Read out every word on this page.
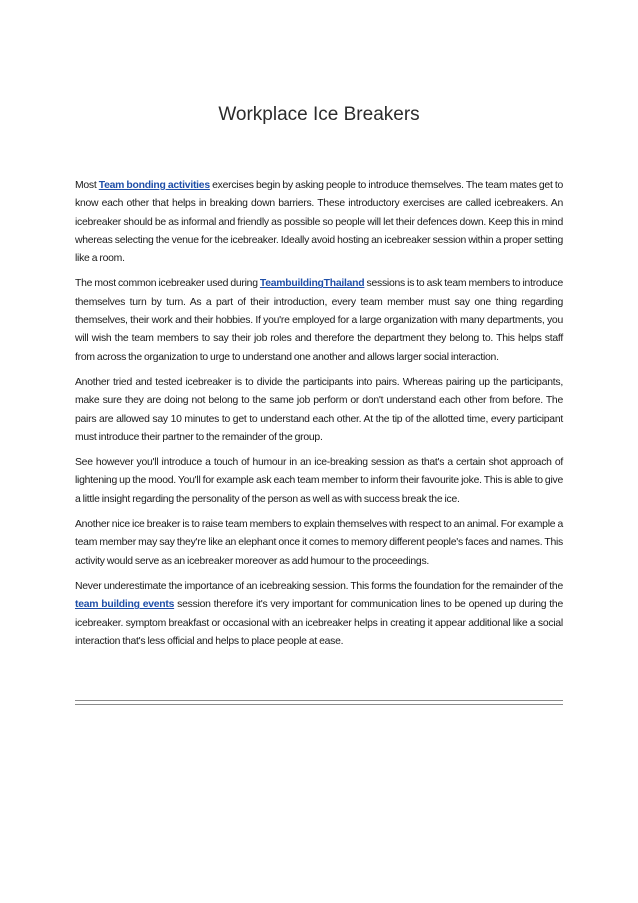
Workplace Ice Breakers

Most Team bonding activities exercises begin by asking people to introduce themselves. The team mates get to know each other that helps in breaking down barriers. These introductory exercises are called icebreakers. An icebreaker should be as informal and friendly as possible so people will let their defences down. Keep this in mind whereas selecting the venue for the icebreaker. Ideally avoid hosting an icebreaker session within a proper setting like a room.

The most common icebreaker used during TeambuildingThailand sessions is to ask team members to introduce themselves turn by turn. As a part of their introduction, every team member must say one thing regarding themselves, their work and their hobbies. If you're employed for a large organization with many departments, you will wish the team members to say their job roles and therefore the department they belong to. This helps staff from across the organization to urge to understand one another and allows larger social interaction.

Another tried and tested icebreaker is to divide the participants into pairs. Whereas pairing up the participants, make sure they are doing not belong to the same job perform or don't understand each other from before. The pairs are allowed say 10 minutes to get to understand each other. At the tip of the allotted time, every participant must introduce their partner to the remainder of the group.

See however you'll introduce a touch of humour in an ice-breaking session as that's a certain shot approach of lightening up the mood. You'll for example ask each team member to inform their favourite joke. This is able to give a little insight regarding the personality of the person as well as with success break the ice.

Another nice ice breaker is to raise team members to explain themselves with respect to an animal. For example a team member may say they're like an elephant once it comes to memory different people's faces and names. This activity would serve as an icebreaker moreover as add humour to the proceedings.

Never underestimate the importance of an icebreaking session. This forms the foundation for the remainder of the team building events session therefore it's very important for communication lines to be opened up during the icebreaker. symptom breakfast or occasional with an icebreaker helps in creating it appear additional like a social interaction that's less official and helps to place people at ease.
